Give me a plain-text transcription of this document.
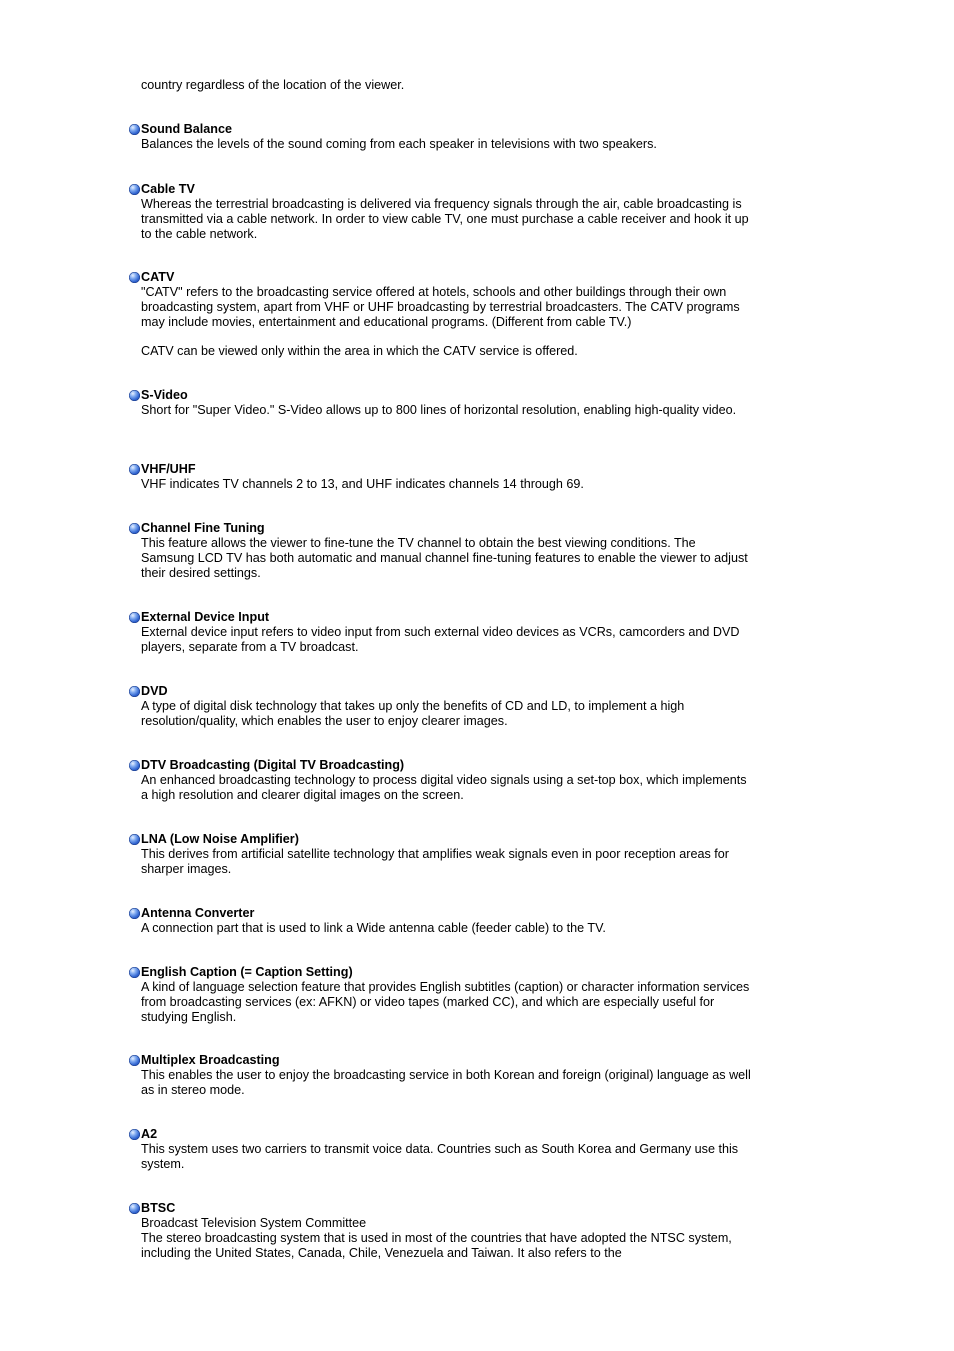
country regardless of the location of the viewer.

Sound Balance

Balances the levels of the sound coming from each speaker in televisions with two speakers.

Cable TV

Whereas the terrestrial broadcasting is delivered via frequency signals through the air, cable broadcasting is transmitted via a cable network. In order to view cable TV, one must purchase a cable receiver and hook it up to the cable network.

CATV

"CATV" refers to the broadcasting service offered at hotels, schools and other buildings through their own broadcasting system, apart from VHF or UHF broadcasting by terrestrial broadcasters. The CATV programs may include movies, entertainment and educational programs. (Different from cable TV.)

CATV can be viewed only within the area in which the CATV service is offered.

S-Video

Short for "Super Video." S-Video allows up to 800 lines of horizontal resolution, enabling high-quality video.

VHF/UHF

VHF indicates TV channels 2 to 13, and UHF indicates channels 14 through 69.

Channel Fine Tuning

This feature allows the viewer to fine-tune the TV channel to obtain the best viewing conditions. The Samsung LCD TV has both automatic and manual channel fine-tuning features to enable the viewer to adjust their desired settings.

External Device Input

External device input refers to video input from such external video devices as VCRs, camcorders and DVD players, separate from a TV broadcast.

DVD

A type of digital disk technology that takes up only the benefits of CD and LD, to implement a high resolution/quality, which enables the user to enjoy clearer images.

DTV Broadcasting (Digital TV Broadcasting)

An enhanced broadcasting technology to process digital video signals using a set-top box, which implements a high resolution and clearer digital images on the screen.

LNA (Low Noise Amplifier)

This derives from artificial satellite technology that amplifies weak signals even in poor reception areas for sharper images.

Antenna Converter

A connection part that is used to link a Wide antenna cable (feeder cable) to the TV.

English Caption (= Caption Setting)

A kind of language selection feature that provides English subtitles (caption) or character information services from broadcasting services (ex: AFKN) or video tapes (marked CC), and which are especially useful for studying English.

Multiplex Broadcasting

This enables the user to enjoy the broadcasting service in both Korean and foreign (original) language as well as in stereo mode.

A2

This system uses two carriers to transmit voice data. Countries such as South Korea and Germany use this system.

BTSC

Broadcast Television System Committee

The stereo broadcasting system that is used in most of the countries that have adopted the NTSC system, including the United States, Canada, Chile, Venezuela and Taiwan. It also refers to the
